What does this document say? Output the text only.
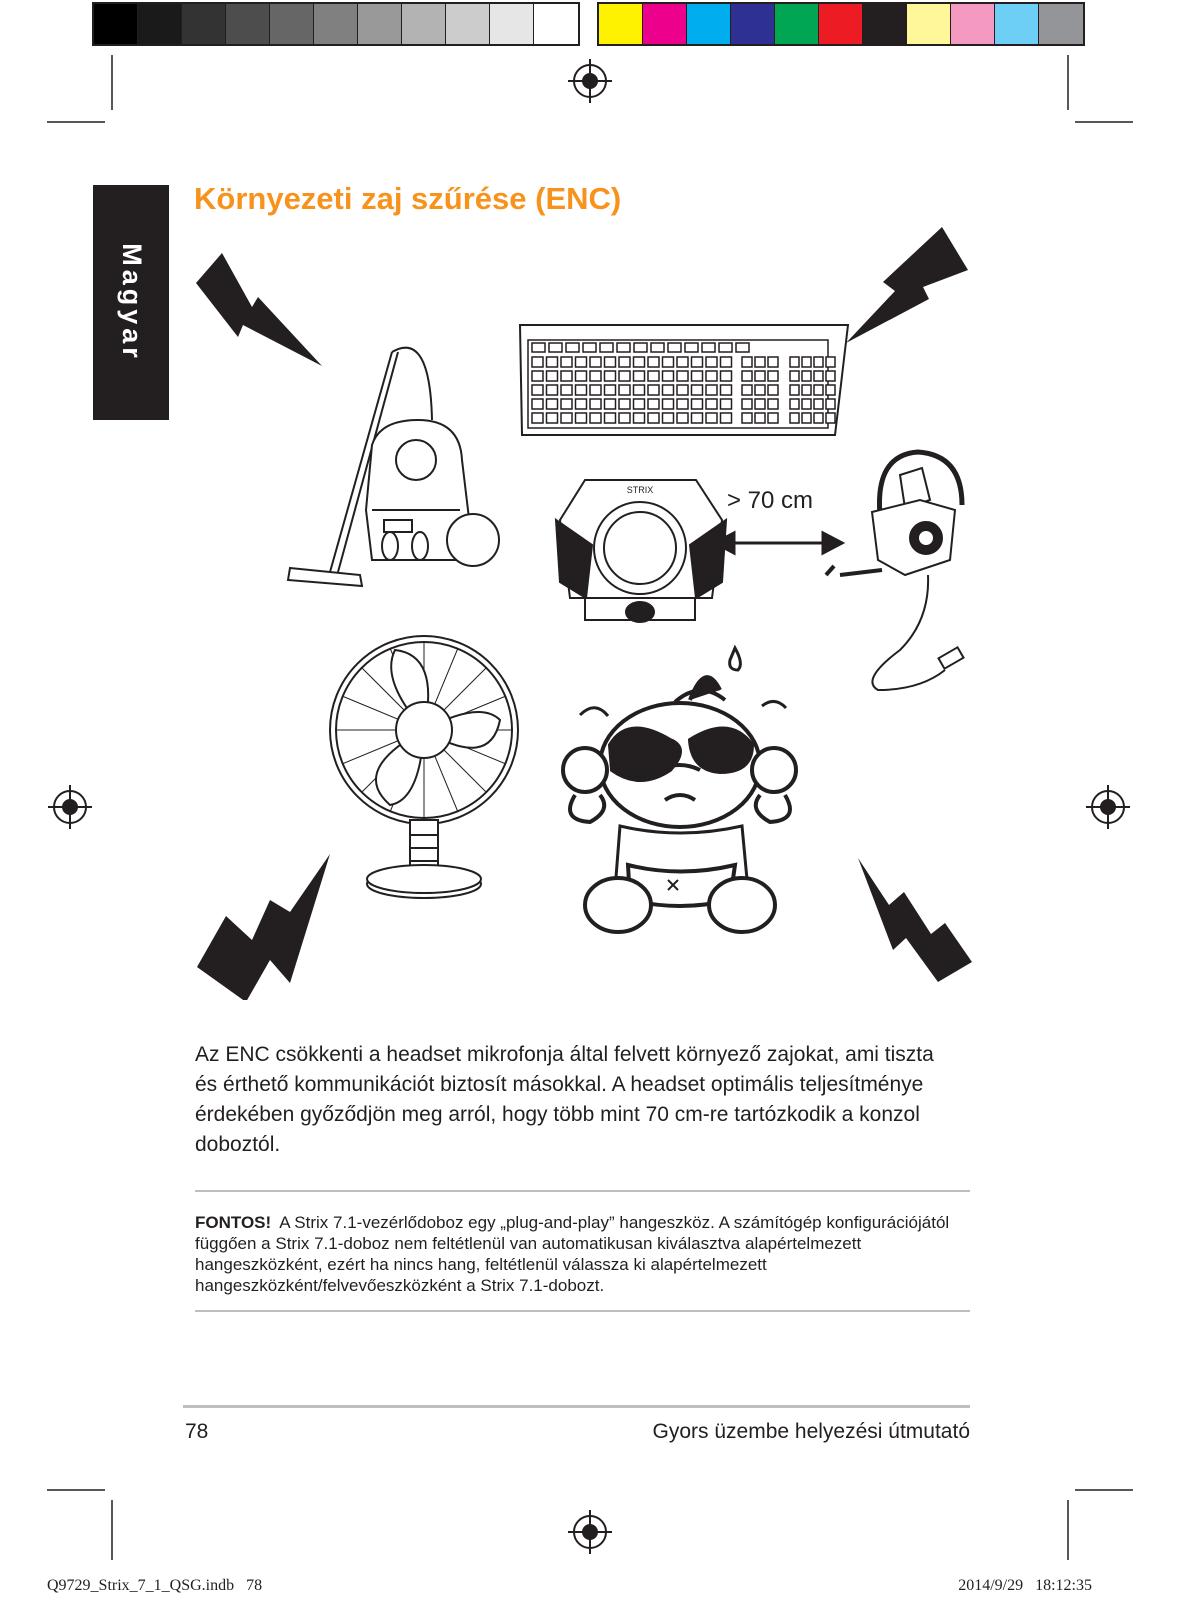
Magyar
Környezeti zaj szűrése (ENC)
STRIX	> 70 cm

Az ENC csökkenti a headset mikrofonja által felvett környező zajokat, ami tiszta és érthető kommunikációt biztosít másokkal. A headset optimális teljesítménye érdekében győződjön meg arról, hogy több mint 70 cm-re tartózkodik a konzol doboztól.

FONTOS! A Strix 7.1-vezérlődoboz egy „plug-and-play” hangeszköz. A számítógép konfigurációjától függően a Strix 7.1-doboz nem feltétlenül van automatikusan kiválasztva alapértelmezett hangeszközként, ezért ha nincs hang, feltétlenül válassza ki alapértelmezett hangeszközként/felvevőeszközként a Strix 7.1-dobozt.
78	Gyors üzembe helyezési útmutató
Q9729_Strix_7_1_QSG.indb   78	2014/9/29   18:12:35
